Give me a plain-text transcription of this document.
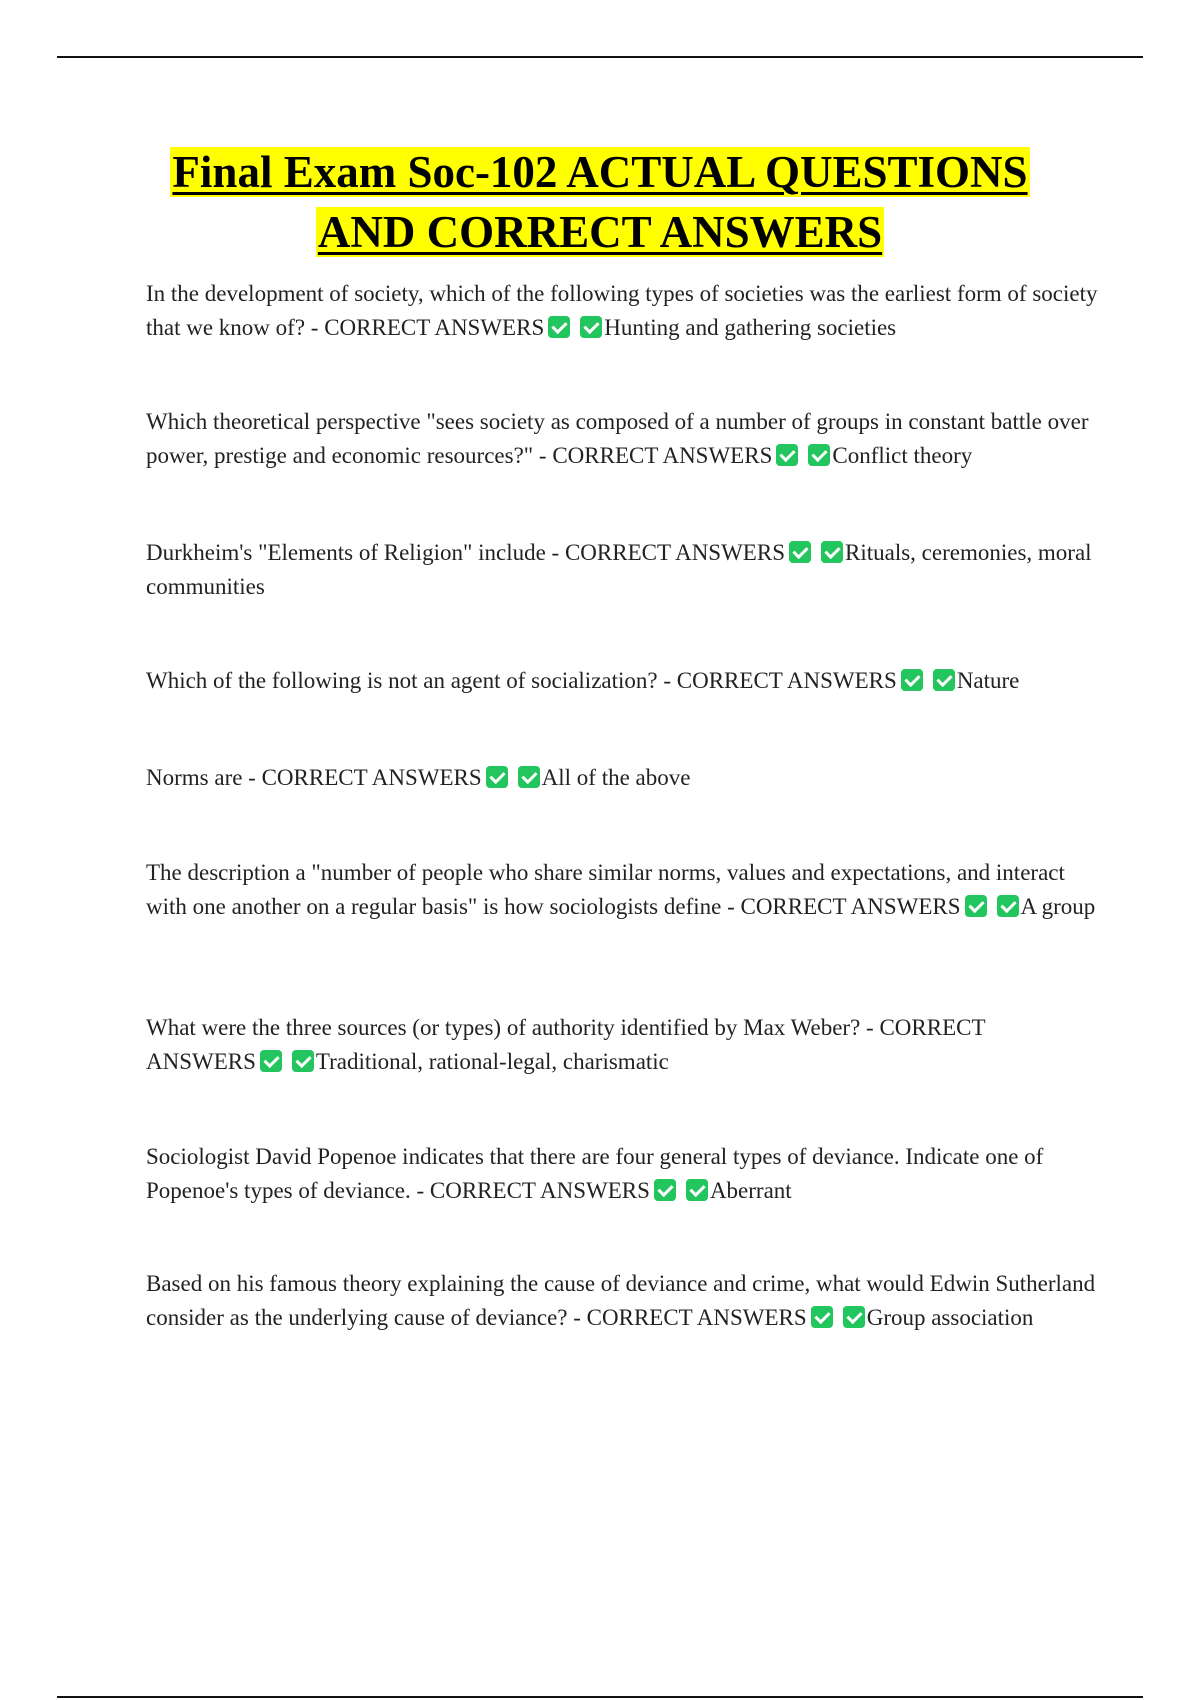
Final Exam Soc-102 ACTUAL QUESTIONS
AND CORRECT ANSWERS
In the development of society, which of the following types of societies was the earliest form of society that we know of? - CORRECT ANSWERS	Hunting and gathering societies
Which theoretical perspective "sees society as composed of a number of groups in constant battle over power, prestige and economic resources?" - CORRECT ANSWERS	Conflict theory
Durkheim's "Elements of Religion" include - CORRECT ANSWERS	Rituals, ceremonies, moral communities
Which of the following is not an agent of socialization? - CORRECT ANSWERS	Nature
Norms are - CORRECT ANSWERS	All of the above
The description a "number of people who share similar norms, values and expectations, and interact with one another on a regular basis" is how sociologists define - CORRECT ANSWERS	A group
What were the three sources (or types) of authority identified by Max Weber? - CORRECT ANSWERS	Traditional, rational-legal, charismatic
Sociologist David Popenoe indicates that there are four general types of deviance. Indicate one of Popenoe's types of deviance. - CORRECT ANSWERS	Aberrant
Based on his famous theory explaining the cause of deviance and crime, what would Edwin Sutherland consider as the underlying cause of deviance? - CORRECT ANSWERS	Group association
